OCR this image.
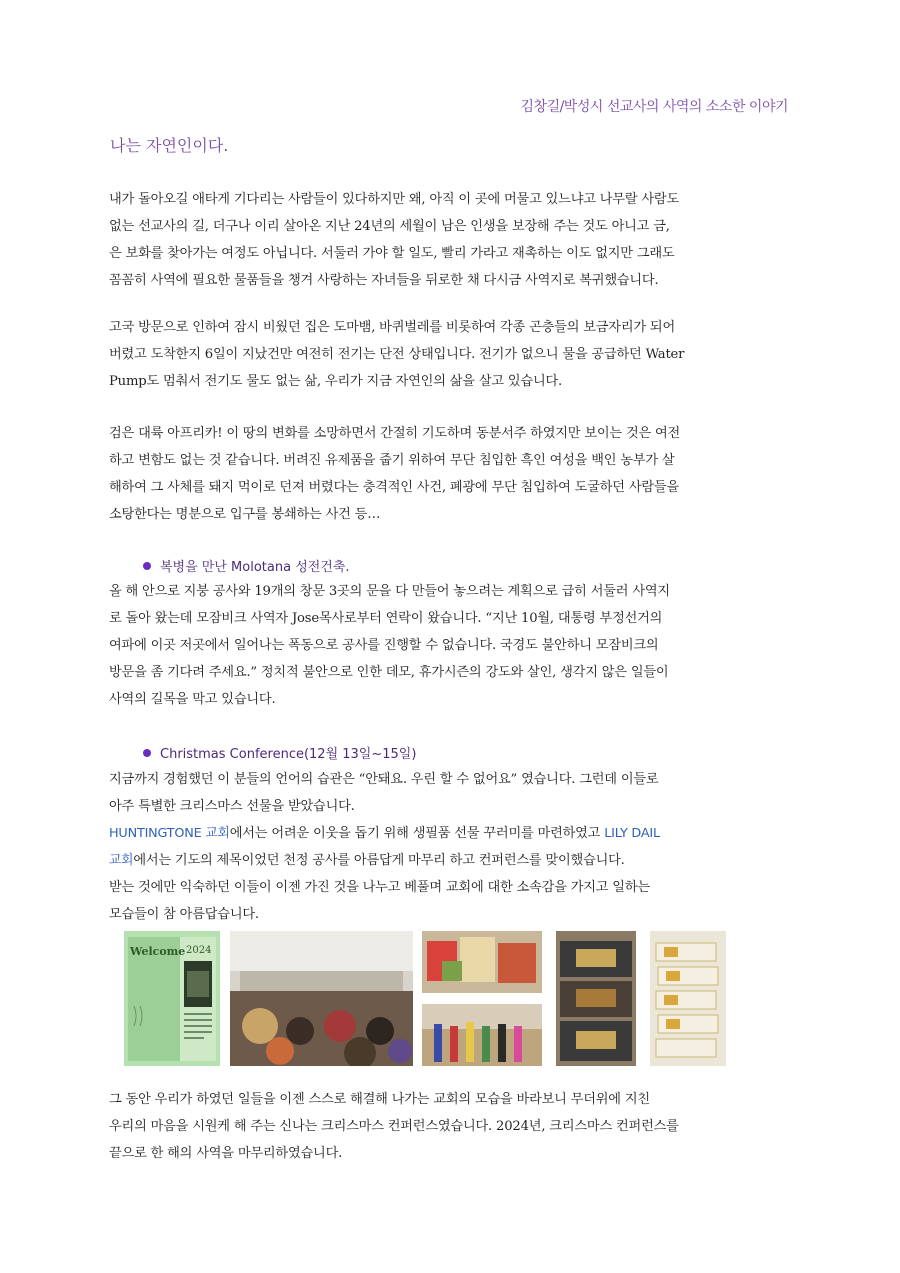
김창길/박성시 선교사의 사역의 소소한 이야기
나는 자연인이다.

내가 돌아오길 애타게 기다리는 사람들이 있다하지만 왜, 아직 이 곳에 머물고 있느냐고 나무랄 사람도

없는 선교사의 길, 더구나 이리 살아온 지난 24년의 세월이 남은 인생을 보장해 주는 것도 아니고 금,

은 보화를 찾아가는 여정도 아닙니다. 서둘러 가야 할 일도, 빨리 가라고 재촉하는 이도 없지만 그래도

꼼꼼히 사역에 필요한 물품들을 챙겨 사랑하는 자녀들을 뒤로한 채 다시금 사역지로 복귀했습니다.

고국 방문으로 인하여 잠시 비웠던 집은 도마뱀, 바퀴벌레를 비롯하여 각종 곤충들의 보금자리가 되어

버렸고 도착한지 6일이 지났건만 여전히 전기는 단전 상태입니다. 전기가 없으니 물을 공급하던 Water

Pump도 멈춰서 전기도 물도 없는 삶, 우리가 지금 자연인의 삶을 살고 있습니다.

검은 대륙 아프리카! 이 땅의 변화를 소망하면서 간절히 기도하며 동분서주 하였지만 보이는 것은 여전

하고 변함도 없는 것 같습니다. 버려진 유제품을 줍기 위하여 무단 침입한 흑인 여성을 백인 농부가 살

해하여 그 사체를 돼지 먹이로 던져 버렸다는 충격적인 사건, 폐광에 무단 침입하여 도굴하던 사람들을

소탕한다는 명분으로 입구를 봉쇄하는 사건 등…

복병을 만난 Molotana 성전건축.

올 해 안으로 지붕 공사와 19개의 창문 3곳의 문을 다 만들어 놓으려는 계획으로 급히 서둘러 사역지

로 돌아 왔는데 모잠비크 사역자 Jose목사로부터 연락이 왔습니다. “지난 10월, 대통령 부정선거의

여파에 이곳 저곳에서 일어나는 폭동으로 공사를 진행할 수 없습니다. 국경도 불안하니 모잠비크의

방문을 좀 기다려 주세요.” 정치적 불안으로 인한 데모, 휴가시즌의 강도와 살인, 생각지 않은 일들이

사역의 길목을 막고 있습니다.

Christmas Conference(12월 13일~15일)

지금까지 경험했던 이 분들의 언어의 습관은 “안돼요. 우린 할 수 없어요” 였습니다. 그런데 이들로

아주 특별한 크리스마스 선물을 받았습니다.

HUNTINGTONE 교회에서는 어려운 이웃을 돕기 위해 생필품 선물 꾸러미를 마련하였고 LILY DAIL

교회에서는 기도의 제목이었던 천정 공사를 아름답게 마무리 하고 컨퍼런스를 맞이했습니다.

받는 것에만 익숙하던 이들이 이젠 가진 것을 나누고 베풀며 교회에 대한 소속감을 가지고 일하는

모습들이 참 아름답습니다.

Welcome 2024

그 동안 우리가 하였던 일들을 이젠 스스로 해결해 나가는 교회의 모습을 바라보니 무더위에 지친

우리의 마음을 시원케 해 주는 신나는 크리스마스 컨퍼런스였습니다. 2024년, 크리스마스 컨퍼런스를

끝으로 한 해의 사역을 마무리하였습니다.
